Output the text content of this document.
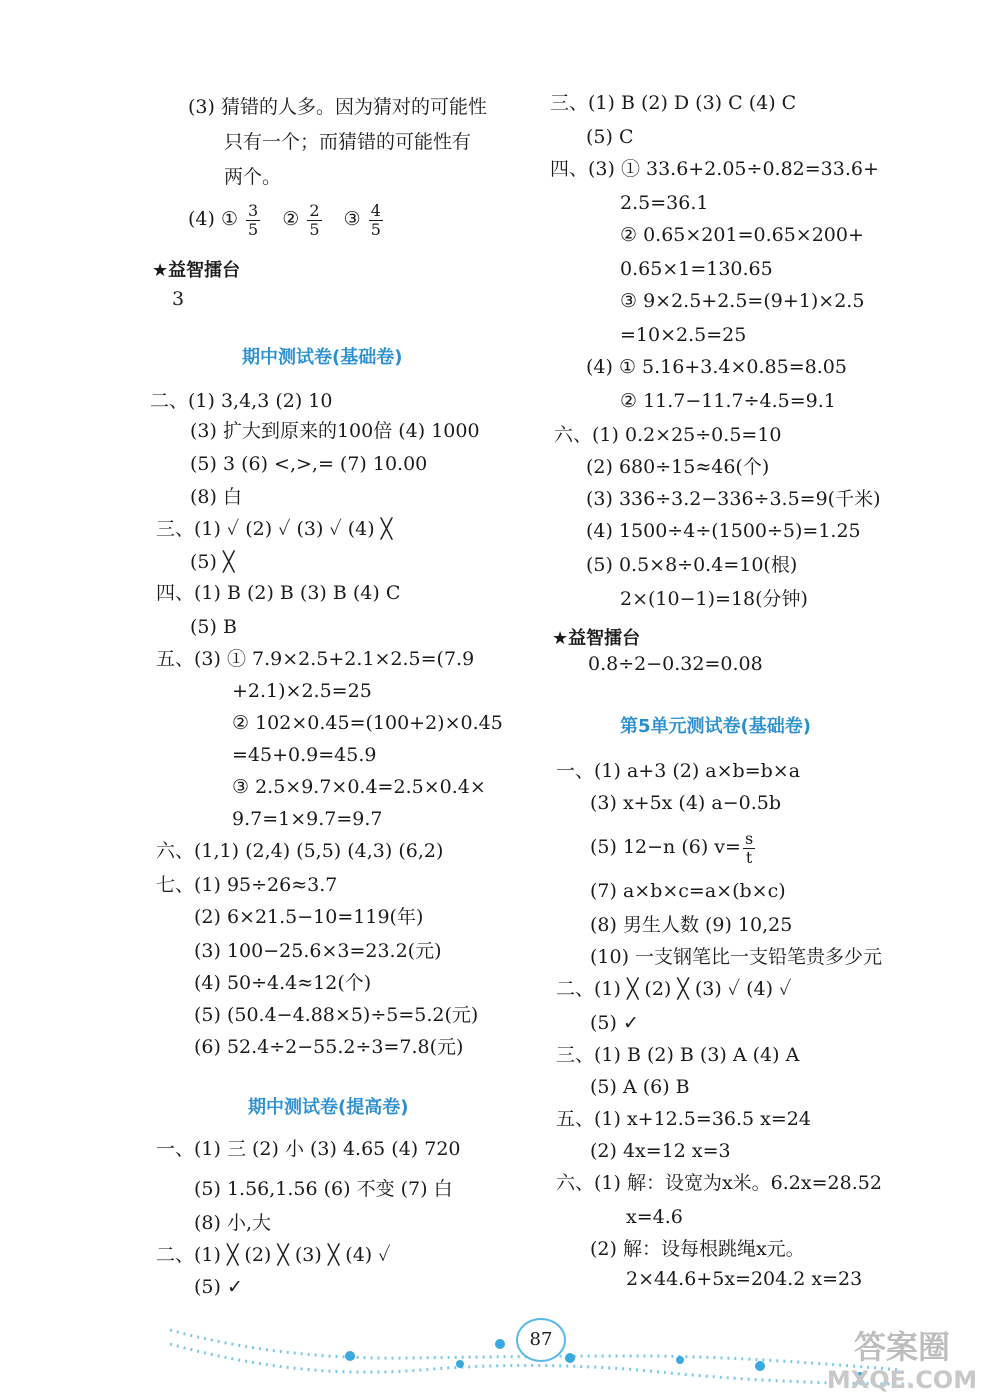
(3) 猜错的人多。因为猜对的可能性
只有一个；而猜错的可能性有
两个。
(4) ① $\frac{3}{5}$ ② $\frac{2}{5}$ ③ $\frac{4}{5}$
★益智擂台
3
期中测试卷(基础卷)
二、(1) 3,4,3 (2) 10
(3) 扩大到原来的100倍 (4) 1000
(5) 3 (6) <,>,= (7) 10.00
(8) 白
三、(1) ✓ (2) ✓ (3) ✓ (4) ╳
(5) ╳
四、(1) B (2) B (3) B (4) C
(5) B
五、(3) ① 7.9×2.5+2.1×2.5=(7.9
+2.1)×2.5=25
② 102×0.45=(100+2)×0.45
=45+0.9=45.9
③ 2.5×9.7×0.4=2.5×0.4×
9.7=1×9.7=9.7
六、(1,1) (2,4) (5,5) (4,3) (6,2)
七、(1) 95÷26≈3.7
(2) 6×21.5−10=119(年)
(3) 100−25.6×3=23.2(元)
(4) 50÷4.4≈12(个)
(5) (50.4−4.88×5)÷5=5.2(元)
(6) 52.4÷2−55.2÷3=7.8(元)
期中测试卷(提高卷)
一、(1) 三 (2) 小 (3) 4.65 (4) 720
(5) 1.56,1.56 (6) 不变 (7) 白
(8) 小,大
二、(1) ╳ (2) ╳ (3) ╳ (4) ✓
(5) ✓
三、(1) B (2) D (3) C (4) C
(5) C
四、(3) ① 33.6+2.05÷0.82=33.6+
2.5=36.1
② 0.65×201=0.65×200+
0.65×1=130.65
③ 9×2.5+2.5=(9+1)×2.5
=10×2.5=25
(4) ① 5.16+3.4×0.85=8.05
② 11.7−11.7÷4.5=9.1
六、(1) 0.2×25÷0.5=10
(2) 680÷15≈46(个)
(3) 336÷3.2−336÷3.5=9(千米)
(4) 1500÷4÷(1500÷5)=1.25
(5) 0.5×8÷0.4=10(根)
2×(10−1)=18(分钟)
★益智擂台
0.8÷2−0.32=0.08
第5单元测试卷(基础卷)
一、(1) a+3 (2) a×b=b×a
(3) x+5x (4) a−0.5b
(5) 12−n (6) $v= \frac{s}{t}$
(7) a×b×c=a×(b×c)
(8) 男生人数 (9) 10,25
(10) 一支钢笔比一支铅笔贵多少元
二、(1) ╳ (2) ╳ (3) ✓ (4) ✓
(5) ✓
三、(1) B (2) B (3) A (4) A
(5) A (6) B
五、(1) x+12.5=36.5 x=24
(2) 4x=12 x=3
六、(1) 解：设宽为x米。6.2x=28.52
x=4.6
(2) 解：设每根跳绳x元。
2×44.6+5x=204.2 x=23
87	答案圈
MXQE.COM
